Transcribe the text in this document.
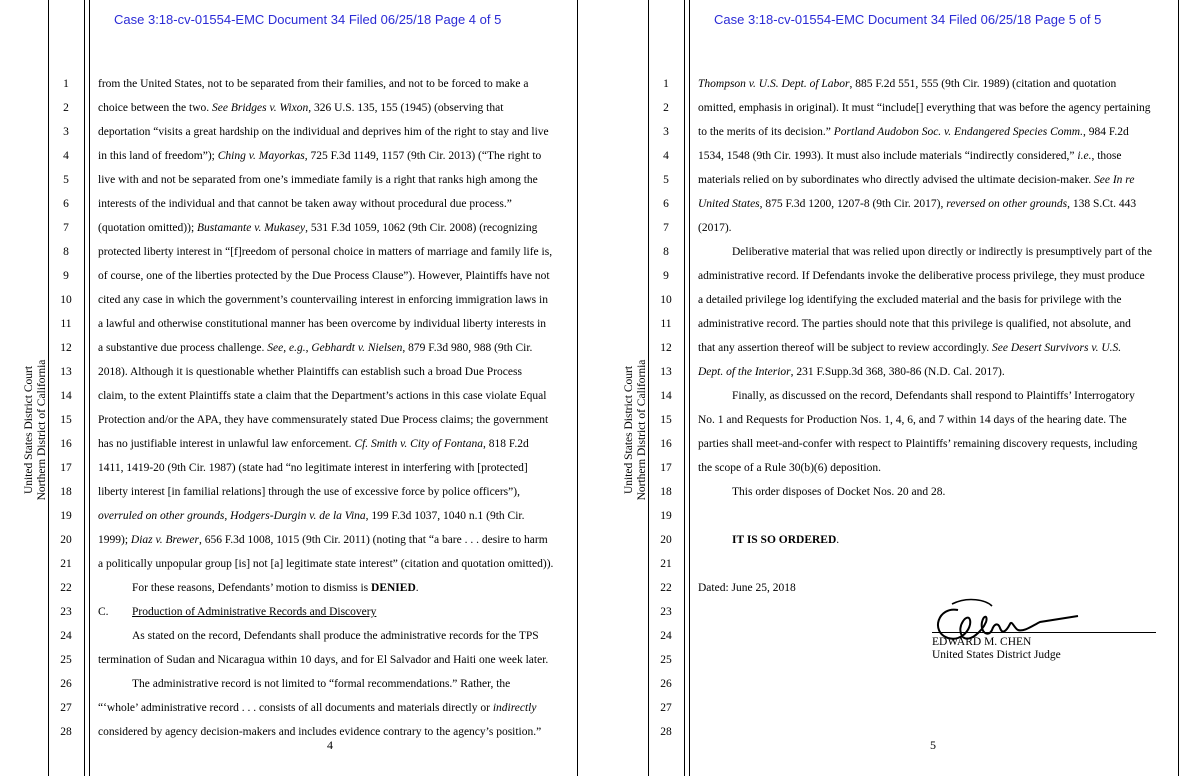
Case 3:18-cv-01554-EMC Document 34 Filed 06/25/18 Page 4 of 5
United States District Court Northern District of California
1
2
3
4
5
6
7
8
9
10
11
12
13
14
15
16
17
18
19
20
21
22
23
24
25
26
27
28
from the United States, not to be separated from their families, and not to be forced to make a
choice between the two. See Bridges v. Wixon, 326 U.S. 135, 155 (1945) (observing that
deportation “visits a great hardship on the individual and deprives him of the right to stay and live
in this land of freedom”); Ching v. Mayorkas, 725 F.3d 1149, 1157 (9th Cir. 2013) (“The right to
live with and not be separated from one’s immediate family is a right that ranks high among the
interests of the individual and that cannot be taken away without procedural due process.”
(quotation omitted)); Bustamante v. Mukasey, 531 F.3d 1059, 1062 (9th Cir. 2008) (recognizing
protected liberty interest in “[f]reedom of personal choice in matters of marriage and family life is,
of course, one of the liberties protected by the Due Process Clause”). However, Plaintiffs have not
cited any case in which the government’s countervailing interest in enforcing immigration laws in
a lawful and otherwise constitutional manner has been overcome by individual liberty interests in
a substantive due process challenge. See, e.g., Gebhardt v. Nielsen, 879 F.3d 980, 988 (9th Cir.
2018). Although it is questionable whether Plaintiffs can establish such a broad Due Process
claim, to the extent Plaintiffs state a claim that the Department’s actions in this case violate Equal
Protection and/or the APA, they have commensurately stated Due Process claims; the government
has no justifiable interest in unlawful law enforcement. Cf. Smith v. City of Fontana, 818 F.2d
1411, 1419-20 (9th Cir. 1987) (state had “no legitimate interest in interfering with [protected]
liberty interest [in familial relations] through the use of excessive force by police officers”),
overruled on other grounds, Hodgers-Durgin v. de la Vina, 199 F.3d 1037, 1040 n.1 (9th Cir.
1999); Diaz v. Brewer, 656 F.3d 1008, 1015 (9th Cir. 2011) (noting that “a bare . . . desire to harm
a politically unpopular group [is] not [a] legitimate state interest” (citation and quotation omitted)).
For these reasons, Defendants’ motion to dismiss is DENIED.
C. Production of Administrative Records and Discovery
As stated on the record, Defendants shall produce the administrative records for the TPS
termination of Sudan and Nicaragua within 10 days, and for El Salvador and Haiti one week later.
The administrative record is not limited to “formal recommendations.” Rather, the
“‘whole’ administrative record . . . consists of all documents and materials directly or indirectly
considered by agency decision-makers and includes evidence contrary to the agency’s position.”
4
Case 3:18-cv-01554-EMC Document 34 Filed 06/25/18 Page 5 of 5
United States District Court Northern District of California
1
2
3
4
5
6
7
8
9
10
11
12
13
14
15
16
17
18
19
20
21
22
23
24
25
26
27
28
Thompson v. U.S. Dept. of Labor, 885 F.2d 551, 555 (9th Cir. 1989) (citation and quotation
omitted, emphasis in original). It must “include[] everything that was before the agency pertaining
to the merits of its decision.” Portland Audobon Soc. v. Endangered Species Comm., 984 F.2d
1534, 1548 (9th Cir. 1993). It must also include materials “indirectly considered,” i.e., those
materials relied on by subordinates who directly advised the ultimate decision-maker. See In re
United States, 875 F.3d 1200, 1207-8 (9th Cir. 2017), reversed on other grounds, 138 S.Ct. 443
(2017).
Deliberative material that was relied upon directly or indirectly is presumptively part of the
administrative record. If Defendants invoke the deliberative process privilege, they must produce
a detailed privilege log identifying the excluded material and the basis for privilege with the
administrative record. The parties should note that this privilege is qualified, not absolute, and
that any assertion thereof will be subject to review accordingly. See Desert Survivors v. U.S.
Dept. of the Interior, 231 F.Supp.3d 368, 380-86 (N.D. Cal. 2017).
Finally, as discussed on the record, Defendants shall respond to Plaintiffs’ Interrogatory
No. 1 and Requests for Production Nos. 1, 4, 6, and 7 within 14 days of the hearing date. The
parties shall meet-and-confer with respect to Plaintiffs’ remaining discovery requests, including
the scope of a Rule 30(b)(6) deposition.
This order disposes of Docket Nos. 20 and 28.
IT IS SO ORDERED.
Dated: June 25, 2018
EDWARD M. CHEN
United States District Judge
5
